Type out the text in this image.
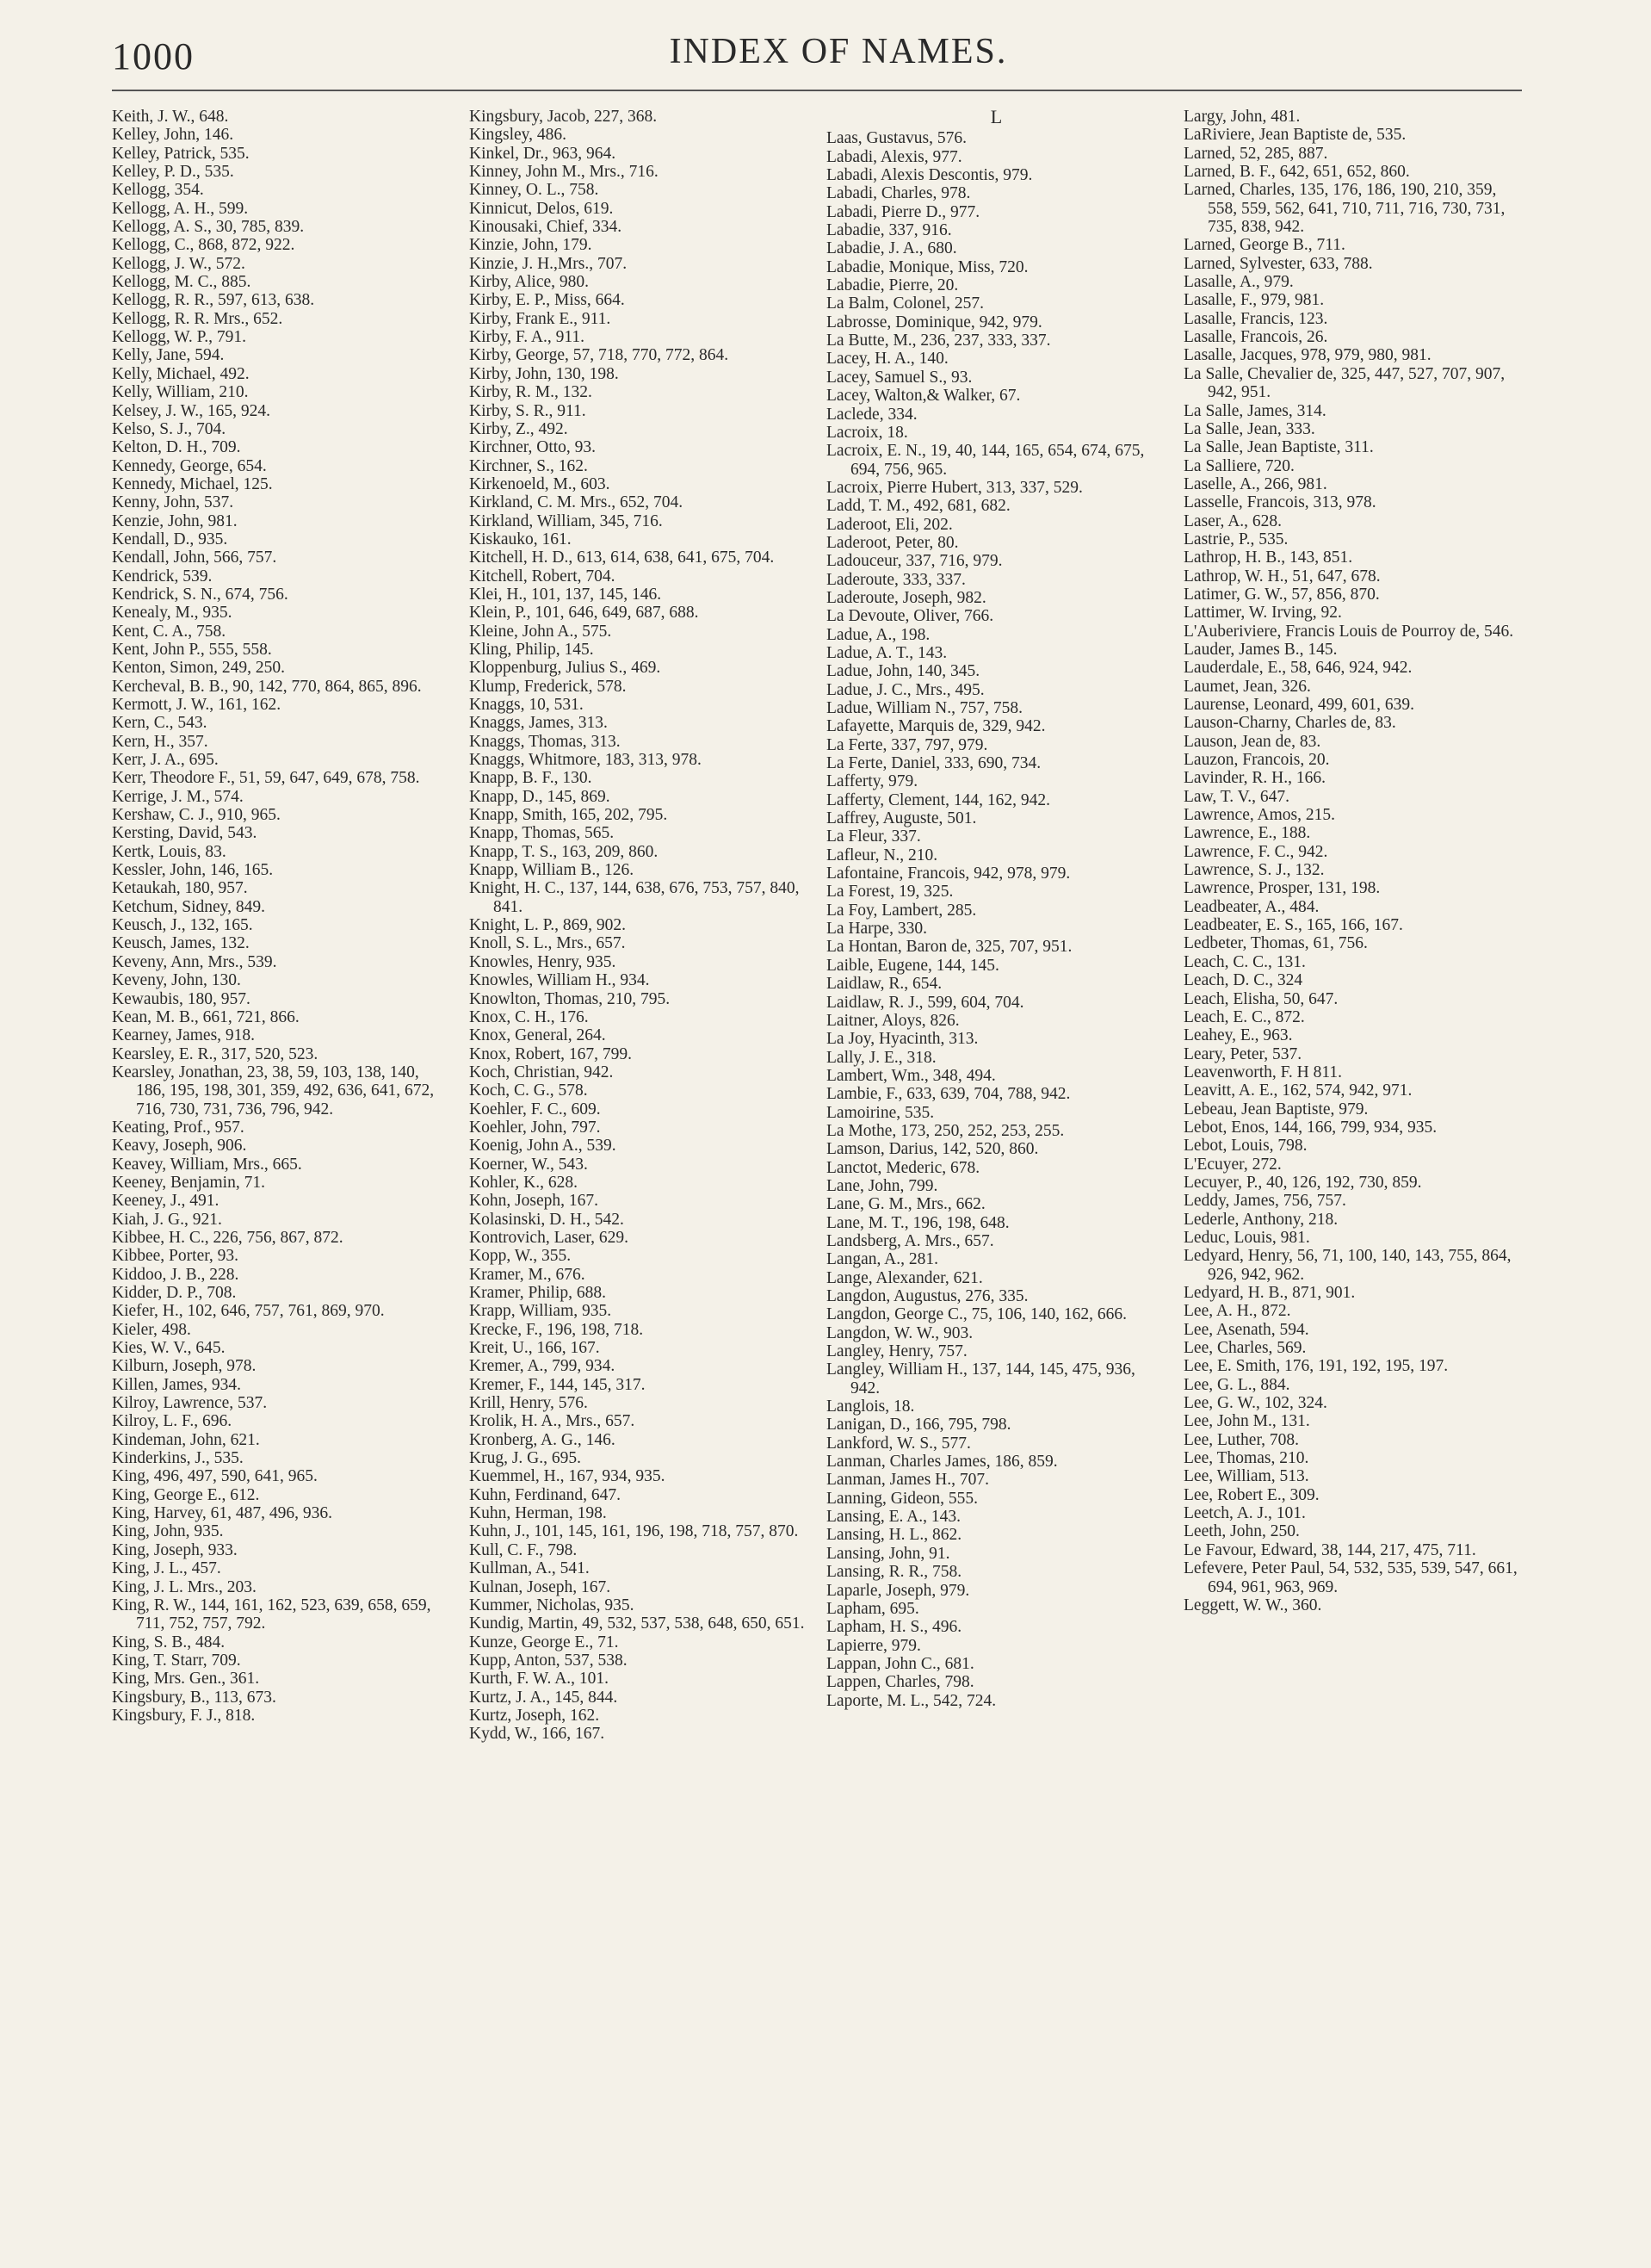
1000	INDEX OF NAMES.
Keith, J. W., 648.
Kelley, John, 146.
Kelley, Patrick, 535.
Kelley, P. D., 535.
Kellogg, 354.
Kellogg, A. H., 599.
Kellogg, A. S., 30, 785, 839.
Kellogg, C., 868, 872, 922.
Kellogg, J. W., 572.
Kellogg, M. C., 885.
Kellogg, R. R., 597, 613, 638.
Kellogg, R. R. Mrs., 652.
Kellogg, W. P., 791.
Kelly, Jane, 594.
Kelly, Michael, 492.
Kelly, William, 210.
Kelsey, J. W., 165, 924.
Kelso, S. J., 704.
Kelton, D. H., 709.
Kennedy, George, 654.
Kennedy, Michael, 125.
Kenny, John, 537.
Kenzie, John, 981.
Kendall, D., 935.
Kendall, John, 566, 757.
Kendrick, 539.
Kendrick, S. N., 674, 756.
Kenealy, M., 935.
Kent, C. A., 758.
Kent, John P., 555, 558.
Kenton, Simon, 249, 250.
Kercheval, B. B., 90, 142, 770, 864, 865, 896.
Kermott, J. W., 161, 162.
Kern, C., 543.
Kern, H., 357.
Kerr, J. A., 695.
Kerr, Theodore F., 51, 59, 647, 649, 678, 758.
Kerrige, J. M., 574.
Kershaw, C. J., 910, 965.
Kersting, David, 543.
Kertk, Louis, 83.
Kessler, John, 146, 165.
Ketaukah, 180, 957.
Ketchum, Sidney, 849.
Keusch, J., 132, 165.
Keusch, James, 132.
Keveny, Ann, Mrs., 539.
Keveny, John, 130.
Kewaubis, 180, 957.
Kean, M. B., 661, 721, 866.
Kearney, James, 918.
Kearsley, E. R., 317, 520, 523.
Kearsley, Jonathan, 23, 38, 59, 103, 138, 140, 186, 195, 198, 301, 359, 492, 636, 641, 672, 716, 730, 731, 736, 796, 942.
Keating, Prof., 957.
Keavy, Joseph, 906.
Keavey, William, Mrs., 665.
Keeney, Benjamin, 71.
Keeney, J., 491.
Kiah, J. G., 921.
Kibbee, H. C., 226, 756, 867, 872.
Kibbee, Porter, 93.
Kiddoo, J. B., 228.
Kidder, D. P., 708.
Kiefer, H., 102, 646, 757, 761, 869, 970.
Kieler, 498.
Kies, W. V., 645.
Kilburn, Joseph, 978.
Killen, James, 934.
Kilroy, Lawrence, 537.
Kilroy, L. F., 696.
Kindeman, John, 621.
Kinderkins, J., 535.
King, 496, 497, 590, 641, 965.
King, George E., 612.
King, Harvey, 61, 487, 496, 936.
King, John, 935.
King, Joseph, 933.
King, J. L., 457.
King, J. L. Mrs., 203.
King, R. W., 144, 161, 162, 523, 639, 658, 659, 711, 752, 757, 792.
King, S. B., 484.
King, T. Starr, 709.
King, Mrs. Gen., 361.
Kingsbury, B., 113, 673.
Kingsbury, F. J., 818.
Kingsbury, Jacob, 227, 368.
Kingsley, 486.
Kinkel, Dr., 963, 964.
Kinney, John M., Mrs., 716.
Kinney, O. L., 758.
Kinnicut, Delos, 619.
Kinousaki, Chief, 334.
Kinzie, John, 179.
Kinzie, J. H.,Mrs., 707.
Kirby, Alice, 980.
Kirby, E. P., Miss, 664.
Kirby, Frank E., 911.
Kirby, F. A., 911.
Kirby, George, 57, 718, 770, 772, 864.
Kirby, John, 130, 198.
Kirby, R. M., 132.
Kirby, S. R., 911.
Kirby, Z., 492.
Kirchner, Otto, 93.
Kirchner, S., 162.
Kirkenoeld, M., 603.
Kirkland, C. M. Mrs., 652, 704.
Kirkland, William, 345, 716.
Kiskauko, 161.
Kitchell, H. D., 613, 614, 638, 641, 675, 704.
Kitchell, Robert, 704.
Klei, H., 101, 137, 145, 146.
Klein, P., 101, 646, 649, 687, 688.
Kleine, John A., 575.
Kling, Philip, 145.
Kloppenburg, Julius S., 469.
Klump, Frederick, 578.
Knaggs, 10, 531.
Knaggs, James, 313.
Knaggs, Thomas, 313.
Knaggs, Whitmore, 183, 313, 978.
Knapp, B. F., 130.
Knapp, D., 145, 869.
Knapp, Smith, 165, 202, 795.
Knapp, Thomas, 565.
Knapp, T. S., 163, 209, 860.
Knapp, William B., 126.
Knight, H. C., 137, 144, 638, 676, 753, 757, 840, 841.
Knight, L. P., 869, 902.
Knoll, S. L., Mrs., 657.
Knowles, Henry, 935.
Knowles, William H., 934.
Knowlton, Thomas, 210, 795.
Knox, C. H., 176.
Knox, General, 264.
Knox, Robert, 167, 799.
Koch, Christian, 942.
Koch, C. G., 578.
Koehler, F. C., 609.
Koehler, John, 797.
Koenig, John A., 539.
Koerner, W., 543.
Kohler, K., 628.
Kohn, Joseph, 167.
Kolasinski, D. H., 542.
Kontrovich, Laser, 629.
Kopp, W., 355.
Kramer, M., 676.
Kramer, Philip, 688.
Krapp, William, 935.
Krecke, F., 196, 198, 718.
Kreit, U., 166, 167.
Kremer, A., 799, 934.
Kremer, F., 144, 145, 317.
Krill, Henry, 576.
Krolik, H. A., Mrs., 657.
Kronberg, A. G., 146.
Krug, J. G., 695.
Kuemmel, H., 167, 934, 935.
Kuhn, Ferdinand, 647.
Kuhn, Herman, 198.
Kuhn, J., 101, 145, 161, 196, 198, 718, 757, 870.
Kull, C. F., 798.
Kullman, A., 541.
Kulnan, Joseph, 167.
Kummer, Nicholas, 935.
Kundig, Martin, 49, 532, 537, 538, 648, 650, 651.
Kunze, George E., 71.
Kupp, Anton, 537, 538.
Kurth, F. W. A., 101.
Kurtz, J. A., 145, 844.
Kurtz, Joseph, 162.
Kydd, W., 166, 167.
L
Laas, Gustavus, 576.
Labadi, Alexis, 977.
Labadi, Alexis Descontis, 979.
Labadi, Charles, 978.
Labadi, Pierre D., 977.
Labadie, 337, 916.
Labadie, J. A., 680.
Labadie, Monique, Miss, 720.
Labadie, Pierre, 20.
La Balm, Colonel, 257.
Labrosse, Dominique, 942, 979.
La Butte, M., 236, 237, 333, 337.
Lacey, H. A., 140.
Lacey, Samuel S., 93.
Lacey, Walton,& Walker, 67.
Laclede, 334.
Lacroix, 18.
Lacroix, E. N., 19, 40, 144, 165, 654, 674, 675, 694, 756, 965.
Lacroix, Pierre Hubert, 313, 337, 529.
Ladd, T. M., 492, 681, 682.
Laderoot, Eli, 202.
Laderoot, Peter, 80.
Ladouceur, 337, 716, 979.
Laderoute, 333, 337.
Laderoute, Joseph, 982.
La Devoute, Oliver, 766.
Ladue, A., 198.
Ladue, A. T., 143.
Ladue, John, 140, 345.
Ladue, J. C., Mrs., 495.
Ladue, William N., 757, 758.
Lafayette, Marquis de, 329, 942.
La Ferte, 337, 797, 979.
La Ferte, Daniel, 333, 690, 734.
Lafferty, 979.
Lafferty, Clement, 144, 162, 942.
Laffrey, Auguste, 501.
La Fleur, 337.
Lafleur, N., 210.
Lafontaine, Francois, 942, 978, 979.
La Forest, 19, 325.
La Foy, Lambert, 285.
La Harpe, 330.
La Hontan, Baron de, 325, 707, 951.
Laible, Eugene, 144, 145.
Laidlaw, R., 654.
Laidlaw, R. J., 599, 604, 704.
Laitner, Aloys, 826.
La Joy, Hyacinth, 313.
Lally, J. E., 318.
Lambert, Wm., 348, 494.
Lambie, F., 633, 639, 704, 788, 942.
Lamoirine, 535.
La Mothe, 173, 250, 252, 253, 255.
Lamson, Darius, 142, 520, 860.
Lanctot, Mederic, 678.
Lane, John, 799.
Lane, G. M., Mrs., 662.
Lane, M. T., 196, 198, 648.
Landsberg, A. Mrs., 657.
Langan, A., 281.
Lange, Alexander, 621.
Langdon, Augustus, 276, 335.
Langdon, George C., 75, 106, 140, 162, 666.
Langdon, W. W., 903.
Langley, Henry, 757.
Langley, William H., 137, 144, 145, 475, 936, 942.
Langlois, 18.
Lanigan, D., 166, 795, 798.
Lankford, W. S., 577.
Lanman, Charles James, 186, 859.
Lanman, James H., 707.
Lanning, Gideon, 555.
Lansing, E. A., 143.
Lansing, H. L., 862.
Lansing, John, 91.
Lansing, R. R., 758.
Laparle, Joseph, 979.
Lapham, 695.
Lapham, H. S., 496.
Lapierre, 979.
Lappan, John C., 681.
Lappen, Charles, 798.
Laporte, M. L., 542, 724.
Largy, John, 481.
LaRiviere, Jean Baptiste de, 535.
Larned, 52, 285, 887.
Larned, B. F., 642, 651, 652, 860.
Larned, Charles, 135, 176, 186, 190, 210, 359, 558, 559, 562, 641, 710, 711, 716, 730, 731, 735, 838, 942.
Larned, George B., 711.
Larned, Sylvester, 633, 788.
Lasalle, A., 979.
Lasalle, F., 979, 981.
Lasalle, Francis, 123.
Lasalle, Francois, 26.
Lasalle, Jacques, 978, 979, 980, 981.
La Salle, Chevalier de, 325, 447, 527, 707, 907, 942, 951.
La Salle, James, 314.
La Salle, Jean, 333.
La Salle, Jean Baptiste, 311.
La Salliere, 720.
Laselle, A., 266, 981.
Lasselle, Francois, 313, 978.
Laser, A., 628.
Lastrie, P., 535.
Lathrop, H. B., 143, 851.
Lathrop, W. H., 51, 647, 678.
Latimer, G. W., 57, 856, 870.
Lattimer, W. Irving, 92.
L'Auberiviere, Francis Louis de Pourroy de, 546.
Lauder, James B., 145.
Lauderdale, E., 58, 646, 924, 942.
Laumet, Jean, 326.
Laurense, Leonard, 499, 601, 639.
Lauson-Charny, Charles de, 83.
Lauson, Jean de, 83.
Lauzon, Francois, 20.
Lavinder, R. H., 166.
Law, T. V., 647.
Lawrence, Amos, 215.
Lawrence, E., 188.
Lawrence, F. C., 942.
Lawrence, S. J., 132.
Lawrence, Prosper, 131, 198.
Leadbeater, A., 484.
Leadbeater, E. S., 165, 166, 167.
Ledbeter, Thomas, 61, 756.
Leach, C. C., 131.
Leach, D. C., 324
Leach, Elisha, 50, 647.
Leach, E. C., 872.
Leahey, E., 963.
Leary, Peter, 537.
Leavenworth, F. H 811.
Leavitt, A. E., 162, 574, 942, 971.
Lebeau, Jean Baptiste, 979.
Lebot, Enos, 144, 166, 799, 934, 935.
Lebot, Louis, 798.
L'Ecuyer, 272.
Lecuyer, P., 40, 126, 192, 730, 859.
Leddy, James, 756, 757.
Lederle, Anthony, 218.
Leduc, Louis, 981.
Ledyard, Henry, 56, 71, 100, 140, 143, 755, 864, 926, 942, 962.
Ledyard, H. B., 871, 901.
Lee, A. H., 872.
Lee, Asenath, 594.
Lee, Charles, 569.
Lee, E. Smith, 176, 191, 192, 195, 197.
Lee, G. L., 884.
Lee, G. W., 102, 324.
Lee, John M., 131.
Lee, Luther, 708.
Lee, Thomas, 210.
Lee, William, 513.
Lee, Robert E., 309.
Leetch, A. J., 101.
Leeth, John, 250.
Le Favour, Edward, 38, 144, 217, 475, 711.
Lefevere, Peter Paul, 54, 532, 535, 539, 547, 661, 694, 961, 963, 969.
Leggett, W. W., 360.
